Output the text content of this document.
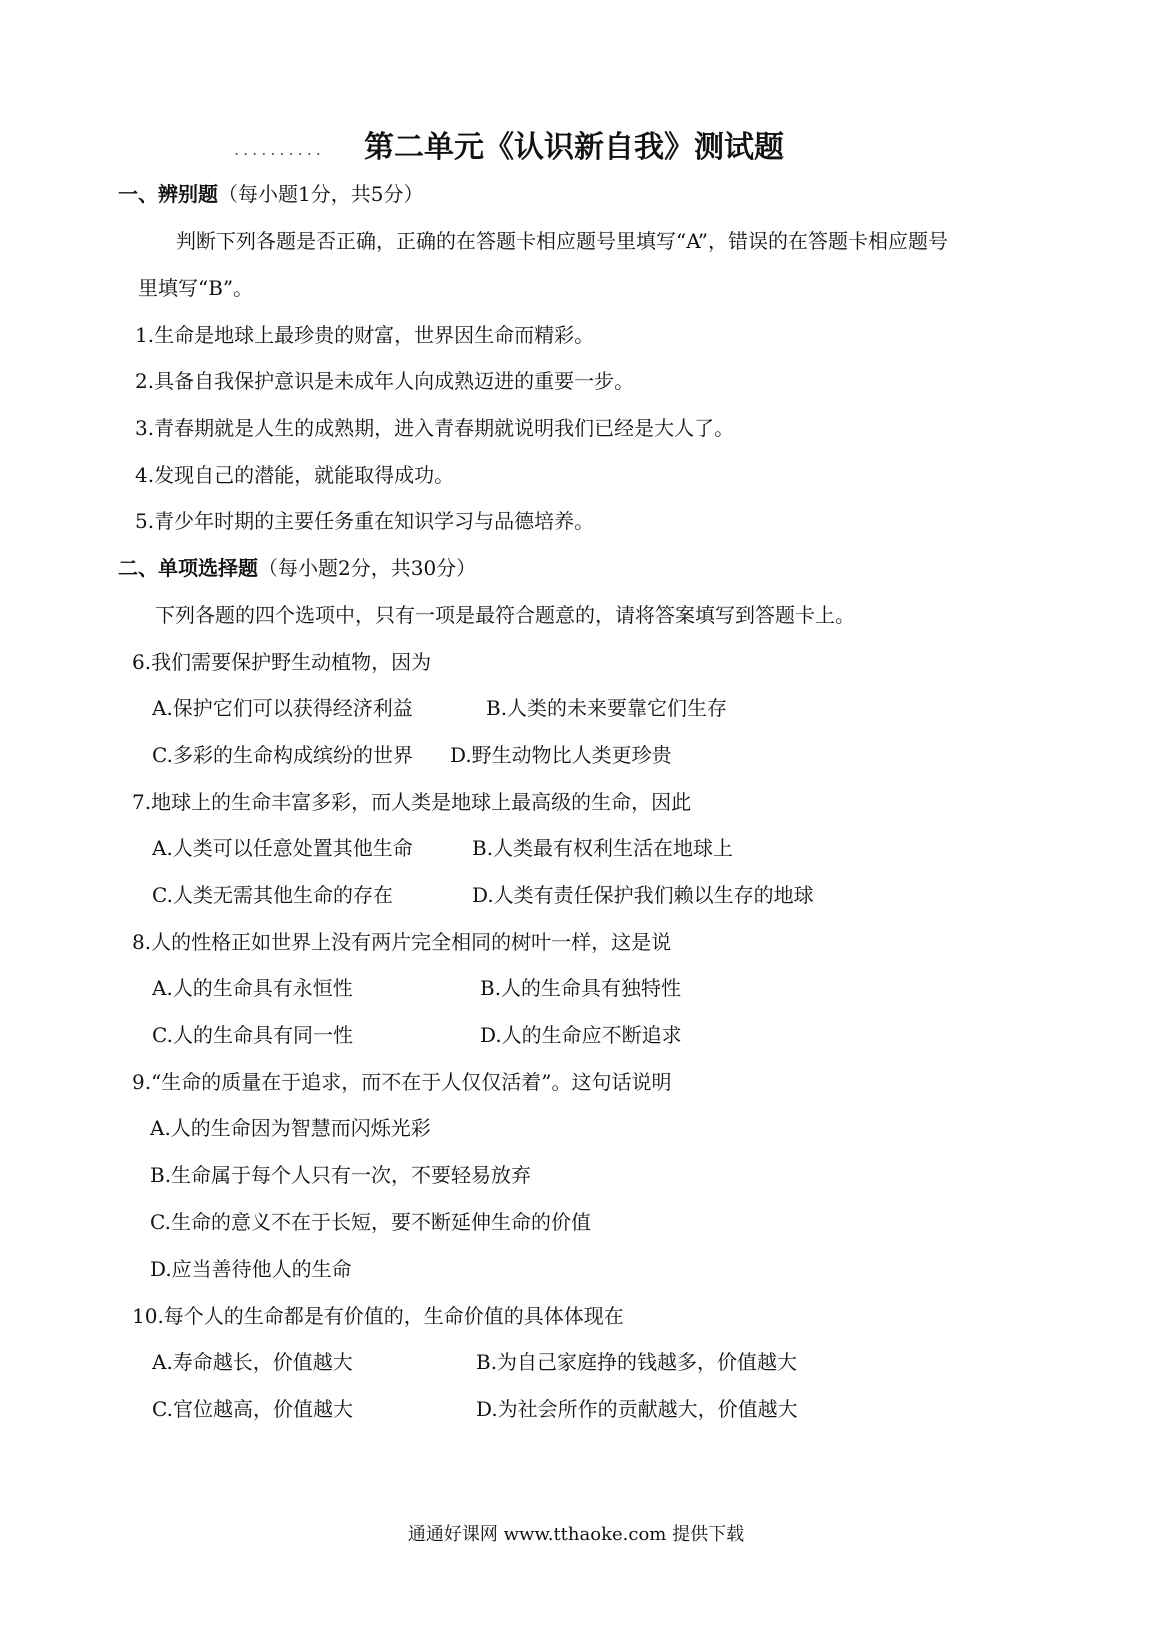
.......... 第二单元《认识新自我》测试题
一、辨别题（每小题1分，共5分）
判断下列各题是否正确，正确的在答题卡相应题号里填写“A”，错误的在答题卡相应题号
里填写“B”。
1.生命是地球上最珍贵的财富，世界因生命而精彩。
2.具备自我保护意识是未成年人向成熟迈进的重要一步。
3.青春期就是人生的成熟期，进入青春期就说明我们已经是大人了。
4.发现自己的潜能，就能取得成功。
5.青少年时期的主要任务重在知识学习与品德培养。
二、单项选择题（每小题2分，共30分）
下列各题的四个选项中，只有一项是最符合题意的，请将答案填写到答题卡上。
6.我们需要保护野生动植物，因为
A.保护它们可以获得经济利益	B.人类的未来要靠它们生存
C.多彩的生命构成缤纷的世界 D.野生动物比人类更珍贵
7.地球上的生命丰富多彩，而人类是地球上最高级的生命，因此
A.人类可以任意处置其他生命	B.人类最有权利生活在地球上
C.人类无需其他生命的存在	D.人类有责任保护我们赖以生存的地球
8.人的性格正如世界上没有两片完全相同的树叶一样，这是说
A.人的生命具有永恒性	B.人的生命具有独特性
C.人的生命具有同一性	D.人的生命应不断追求
9.“生命的质量在于追求，而不在于人仅仅活着”。这句话说明
A.人的生命因为智慧而闪烁光彩
B.生命属于每个人只有一次，不要轻易放弃
C.生命的意义不在于长短，要不断延伸生命的价值
D.应当善待他人的生命
10.每个人的生命都是有价值的，生命价值的具体体现在
A.寿命越长，价值越大	B.为自己家庭挣的钱越多，价值越大
C.官位越高，价值越大	D.为社会所作的贡献越大，价值越大
通通好课网 www.tthaoke.com 提供下载
